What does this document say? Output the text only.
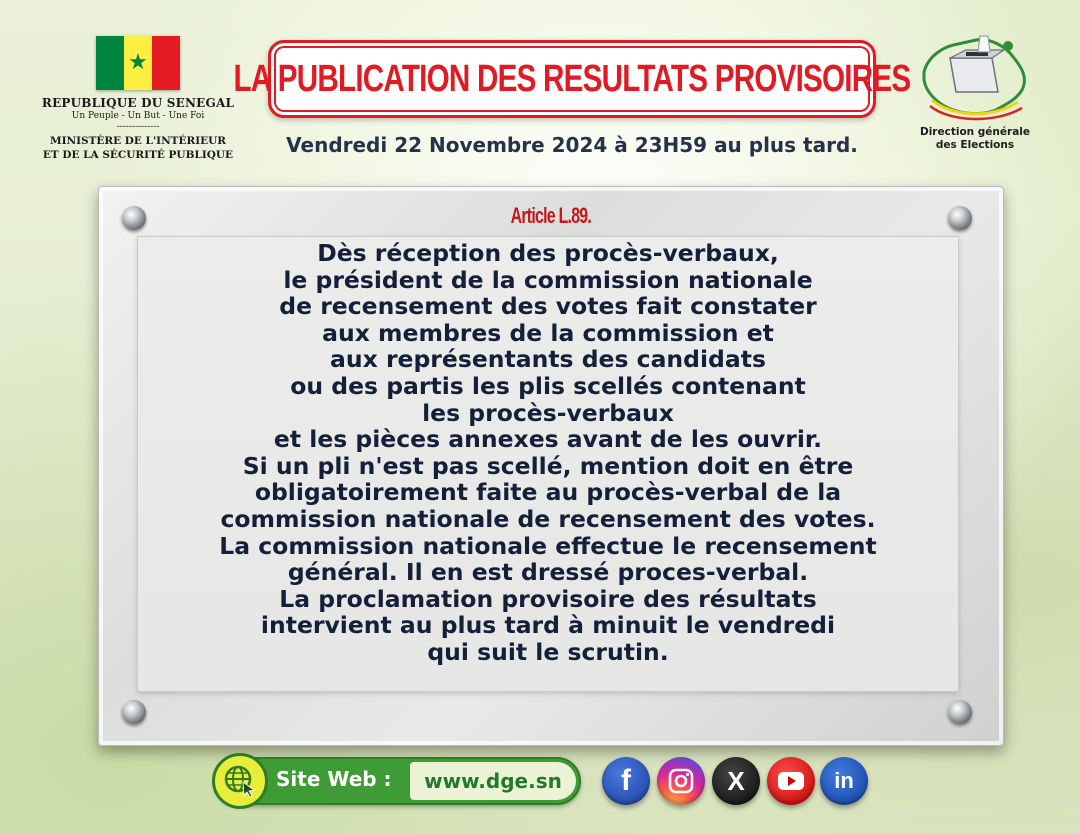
★
REPUBLIQUE DU SENEGAL
Un Peuple - Un But - Une Foi
--------------
MINISTÈRE DE L'INTÉRIEUR
ET DE LA SÉCURITÉ PUBLIQUE
LA PUBLICATION DES RESULTATS PROVISOIRES
Vendredi 22 Novembre 2024 à 23H59 au plus tard.
Direction générale
des Elections
Article L.89.
Dès réception des procès-verbaux,
le président de la commission nationale
de recensement des votes fait constater
aux membres de la commission et
aux représentants des candidats
ou des partis les plis scellés contenant
les procès-verbaux
et les pièces annexes avant de les ouvrir.
Si un pli n'est pas scellé, mention doit en être
obligatoirement faite au procès-verbal de la
commission nationale de recensement des votes.
La commission nationale effectue le recensement
général. Il en est dressé proces-verbal.
La proclamation provisoire des résultats
intervient au plus tard à minuit le vendredi
qui suit le scrutin.
Site Web :	www.dge.sn	f	X	in
